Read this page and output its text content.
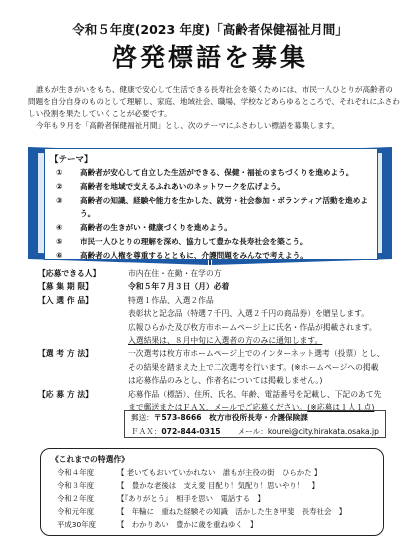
令和５年度(2023 年度)「高齢者保健福祉月間」
啓発標語を募集

誰もが生きがいをもち、健康で安心して生活できる長寿社会を築くためには、市民一人ひとりが高齢者の問題を自分自身のものとして理解し、家庭、地域社会、職場、学校などあらゆるところで、それぞれにふさわしい役割を果たしていくことが必要です。

今年も９月を「高齢者保健福祉月間」とし、次のテーマにふさわしい標語を募集します。

【テーマ】
①	高齢者が安心して自立した生活ができる、保健・福祉のまちづくりを進めよう。
②	高齢者を地域で支えるふれあいのネットワークを広げよう。
③	高齢者の知識、経験や能力を生かした、就労・社会参加・ボランティア活動を進めよう。
④	高齢者の生きがい・健康づくりを進めよう。
⑤	市民一人ひとりの理解を深め、協力して豊かな長寿社会を築こう。
⑥	高齢者の人権を尊重するとともに、介護問題をみんなで考えよう。
【応募できる人】	市内在住・在勤・在学の方
【募 集 期 限】	令和５年７月３日（月）必着
【入 選 作 品】	特選１作品、入選２作品
表彰状と記念品（特選７千円、入選２千円の商品券）を贈呈します。
広報ひらかた及び枚方市ホームページ上に氏名・作品が掲載されます。
入選結果は、８月中旬に入選者の方のみに通知します。
【選 考 方 法】	一次選考は枚方市ホームページ上でのインターネット選考（投票）とし、
その結果を踏まえた上で二次選考を行います。(※ホームページへの掲載
は応募作品のみとし、作者名については掲載しません。)
【応 募 方 法】	応募作品（標語）、住所、氏名、年齢、電話番号を記載し、下記のあて先
まで郵送またはＦＡＸ、メールでご応募ください。(※応募は１人１点)
郵送：〒573-8666　枚方市役所長寿・介護保険課
ＦＡＸ：072-844-0315 メール：kourei@city.hirakata.osaka.jp
《これまでの特選作》
令和４年度	【 老いてもおいていかれない　誰もが主役の街　ひらかた 】
令和３年度	【　豊かな老後は　支え愛 目配り！気配り！思いやり！　】
令和２年度	【『ありがとう』　相手を思い　電話する　】
令和元年度	【　年輪に　重ねた経験その知識　活かした生き甲斐　長寿社会　】
平成30年度	【　わかりあい　豊かに歳を重ねゆく　】
